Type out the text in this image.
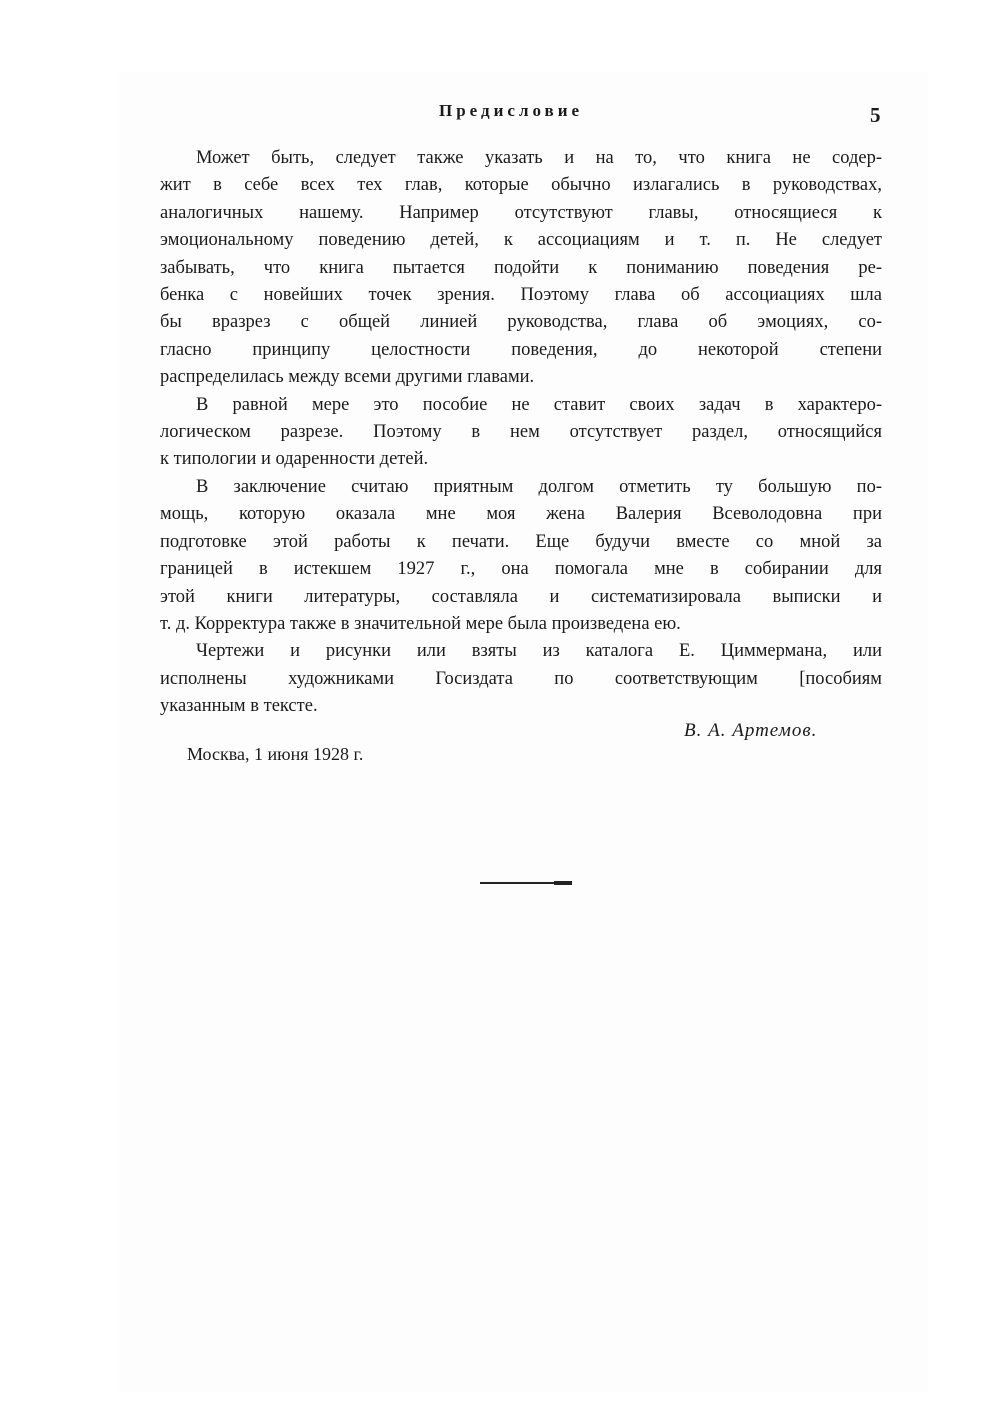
Предисловие	5
Может быть, следует также указать и на то, что книга не содер-
жит в себе всех тех глав, которые обычно излагались в руководствах,
аналогичных нашему. Например отсутствуют главы, относящиеся к
эмоциональному поведению детей, к ассоциациям и т. п. Не следует
забывать, что книга пытается подойти к пониманию поведения ре-
бенка с новейших точек зрения. Поэтому глава об ассоциациях шла
бы вразрез с общей линией руководства, глава об эмоциях, со-
гласно принципу целостности поведения, до некоторой степени
распределилась между всеми другими главами.
В равной мере это пособие не ставит своих задач в характеро-
логическом разрезе. Поэтому в нем отсутствует раздел, относящийся
к типологии и одаренности детей.
В заключение считаю приятным долгом отметить ту большую по-
мощь, которую оказала мне моя жена Валерия Всеволодовна при
подготовке этой работы к печати. Еще будучи вместе со мной за
границей в истекшем 1927 г., она помогала мне в собирании для
этой книги литературы, составляла и систематизировала выписки и
т. д. Корректура также в значительной мере была произведена ею.
Чертежи и рисунки или взяты из каталога Е. Циммермана, или
исполнены художниками Госиздата по соответствующим [пособиям
указанным в тексте.
В. А. Артемов.
Москва, 1 июня 1928 г.
